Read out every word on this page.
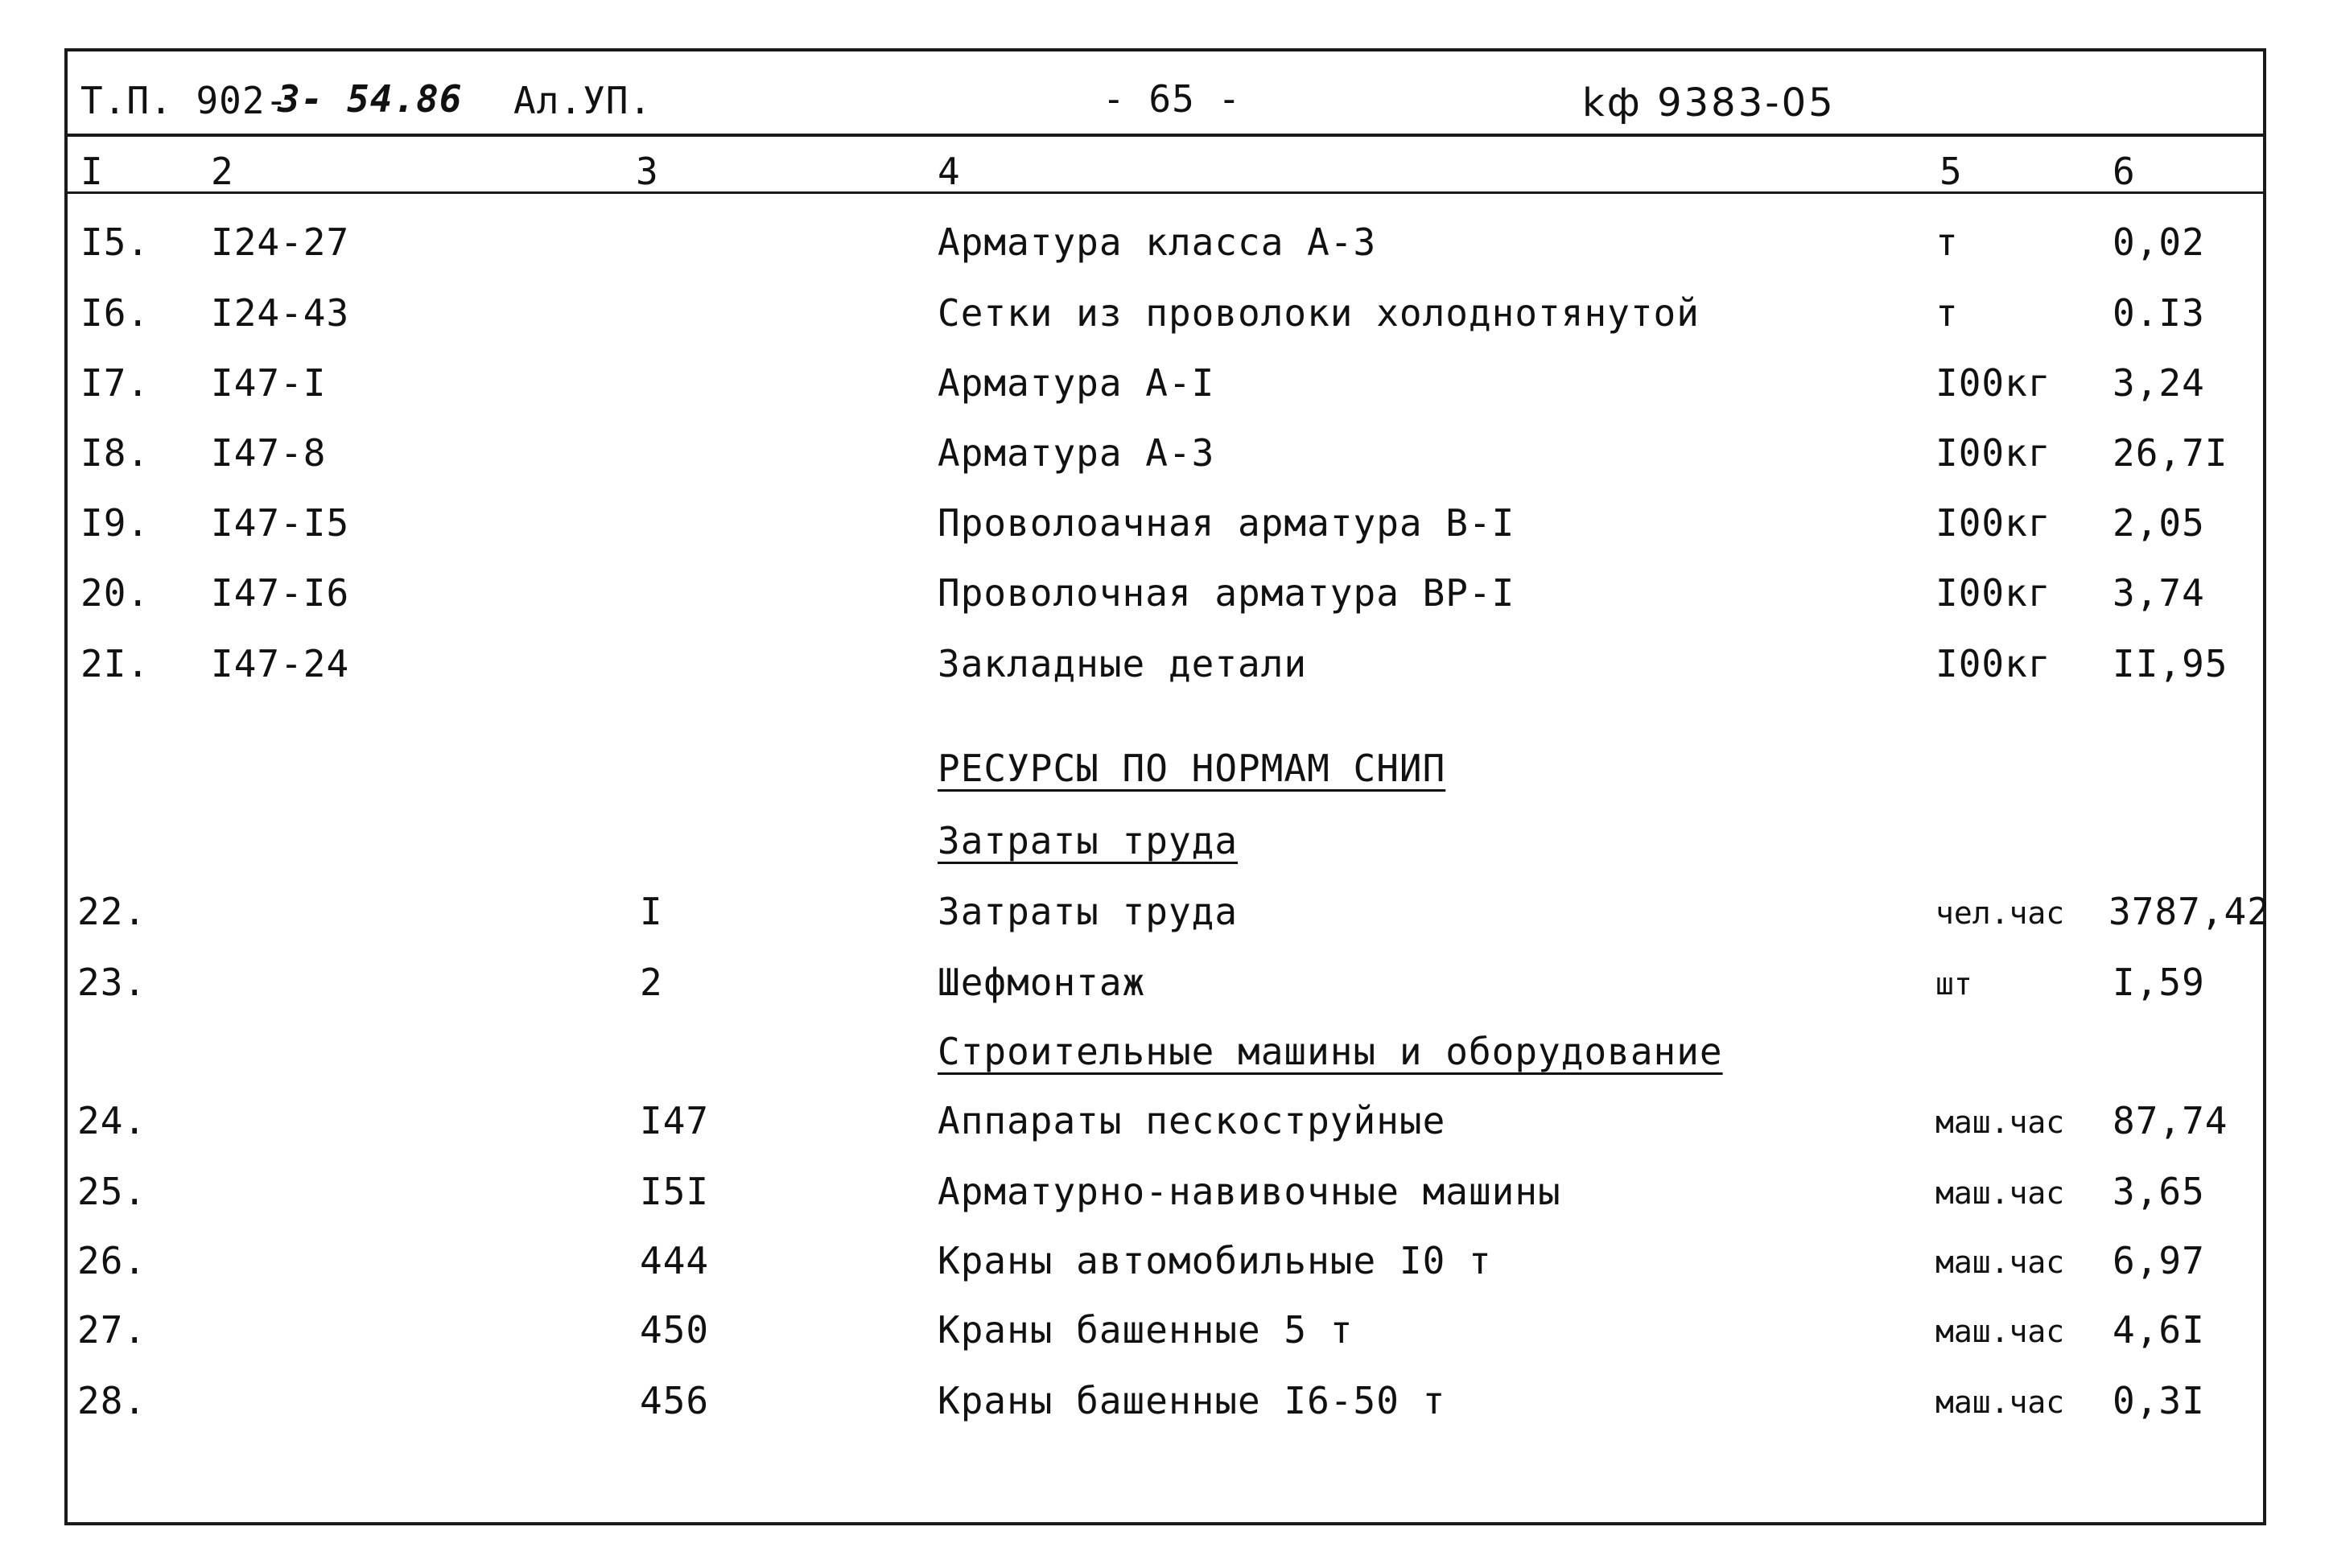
Т.П. 902-
3- 54.86 Ал.УП.	- 65 -	kф 9383-05
I	2	3	4	5	6
I5. I24-27	Арматура класса А-3	т	0,02
I6. I24-43	Сетки из проволоки холоднотянутой	т	0.I3
I7. I47-I	Арматура А-I	I00кг 3,24
I8. I47-8	Арматура А-3	I00кг 26,7I
I9. I47-I5	Проволоачная арматура В-I	I00кг 2,05
20. I47-I6	Проволочная арматура ВР-I	I00кг 3,74
2I. I47-24	Закладные детали	I00кг II,95
РЕСУРСЫ ПО НОРМАМ СНИП
Затраты труда
22.	I	Затраты труда	чел.час 3787,42
23.	2	Шефмонтаж	шт	I,59
Строительные машины и оборудование
24.	I47	Аппараты пескоструйные	маш.час 87,74
25.	I5I	Арматурно-навивочные машины	маш.час 3,65
26.	444	Краны автомобильные I0 т	маш.час 6,97
27.	450	Краны башенные 5 т	маш.час 4,6I
28.	456	Краны башенные I6-50 т	маш.час 0,3I
